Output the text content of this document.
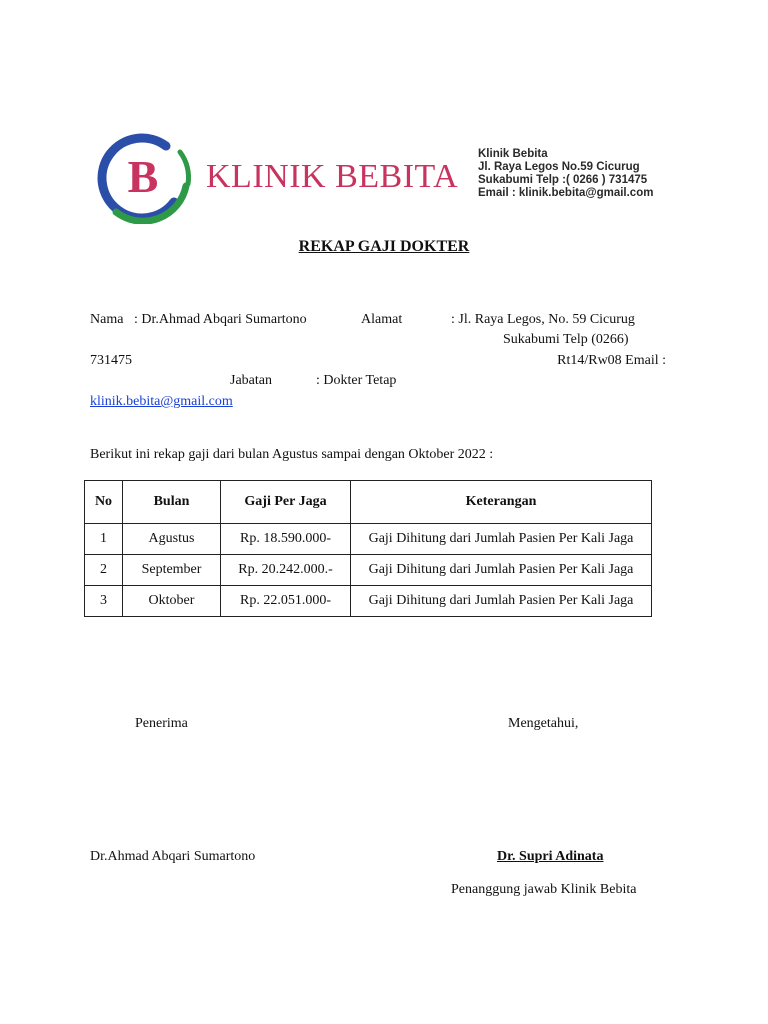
B KLINIK BEBITA
Klinik Bebita
Jl. Raya Legos No.59 Cicurug
Sukabumi Telp :( 0266 ) 731475
Email : klinik.bebita@gmail.com
REKAP GAJI DOKTER
Nama : Dr.Ahmad Abqari Sumartono	Alamat	: Jl. Raya Legos, No. 59 Cicurug
Sukabumi Telp (0266)
731475	Rt14/Rw08 Email :
Jabatan	: Dokter Tetap
klinik.bebita@gmail.com
Berikut ini rekap gaji dari bulan Agustus sampai dengan Oktober 2022 :
No	Bulan	Gaji Per Jaga	Keterangan
1	Agustus	Rp. 18.590.000-	Gaji Dihitung dari Jumlah Pasien Per Kali Jaga
2	September	Rp. 20.242.000.-	Gaji Dihitung dari Jumlah Pasien Per Kali Jaga
3	Oktober	Rp. 22.051.000-	Gaji Dihitung dari Jumlah Pasien Per Kali Jaga
Penerima	Mengetahui,
Dr.Ahmad Abqari Sumartono	Dr. Supri Adinata
Penanggung jawab Klinik Bebita
